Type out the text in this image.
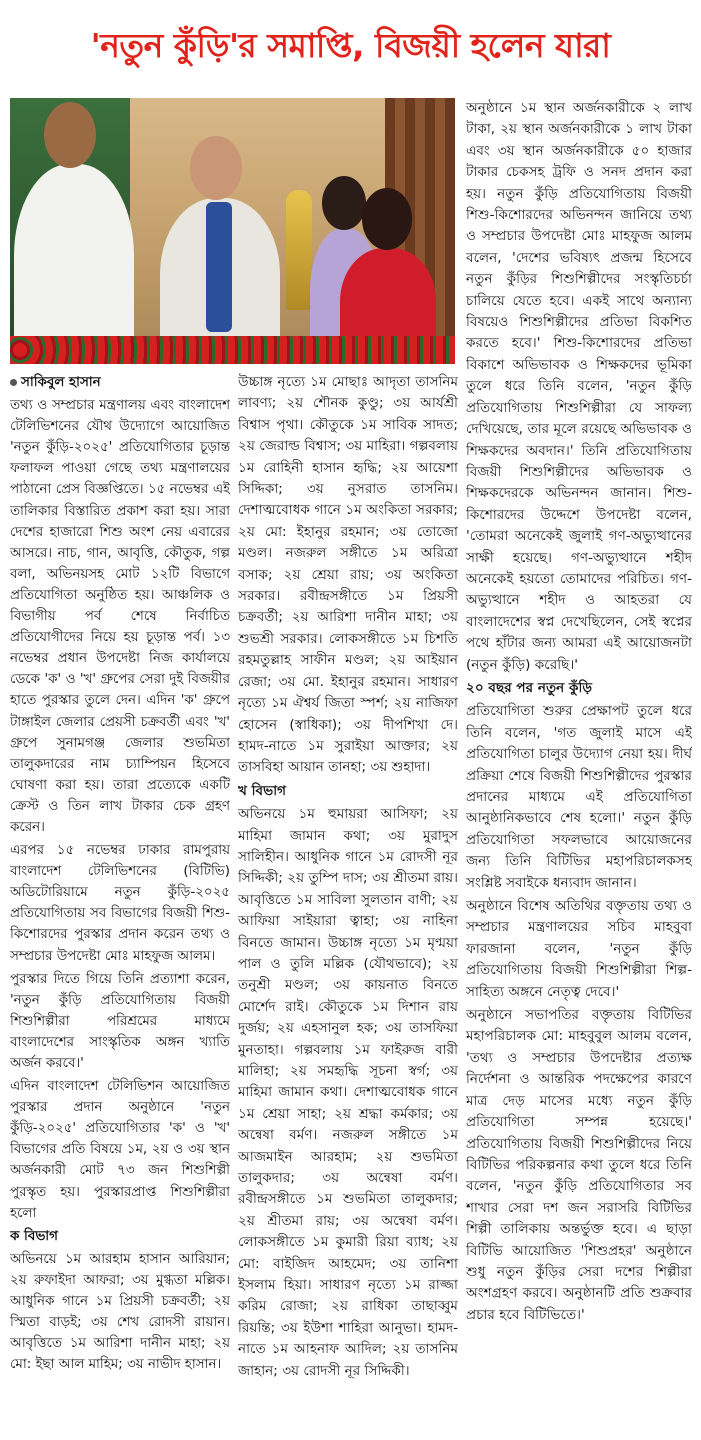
'নতুন কুঁড়ি'র সমাপ্তি, বিজয়ী হলেন যারা

সাকিবুল হাসান

তথ্য ও সম্প্রচার মন্ত্রণালয় এবং বাংলাদেশ টেলিভিশনের যৌথ উদ্যোগে আয়োজিত 'নতুন কুঁড়ি-২০২৫' প্রতিযোগিতার চূড়ান্ত ফলাফল পাওয়া গেছে তথ্য মন্ত্রণালয়ের পাঠানো প্রেস বিজ্ঞপ্তিতে। ১৫ নভেম্বর এই তালিকার বিস্তারিত প্রকাশ করা হয়। সারা দেশের হাজারো শিশু অংশ নেয় এবারের আসরে। নাচ, গান, আবৃত্তি, কৌতুক, গল্প বলা, অভিনয়সহ মোট ১২টি বিভাগে প্রতিযোগিতা অনুষ্ঠিত হয়। আঞ্চলিক ও বিভাগীয় পর্ব শেষে নির্বাচিত প্রতিযোগীদের নিয়ে হয় চূড়ান্ত পর্ব। ১৩ নভেম্বর প্রধান উপদেষ্টা নিজ কার্যালয়ে ডেকে 'ক' ও 'খ' গ্রুপের সেরা দুই বিজয়ীর হাতে পুরস্কার তুলে দেন। এদিন 'ক' গ্রুপে টাঙ্গাইল জেলার প্রেয়সী চক্রবর্তী এবং 'খ' গ্রুপে সুনামগঞ্জ জেলার শুভমিতা তালুকদারের নাম চ্যাম্পিয়ন হিসেবে ঘোষণা করা হয়। তারা প্রত্যেকে একটি ক্রেস্ট ও তিন লাখ টাকার চেক গ্রহণ করেন।

এরপর ১৫ নভেম্বর ঢাকার রামপুরায় বাংলাদেশ টেলিভিশনের (বিটিভি) অডিটোরিয়ামে নতুন কুঁড়ি-২০২৫ প্রতিযোগিতায় সব বিভাগের বিজয়ী শিশু-কিশোরদের পুরস্কার প্রদান করেন তথ্য ও সম্প্রচার উপদেষ্টা মোঃ মাহফুজ আলম।

পুরস্কার দিতে গিয়ে তিনি প্রত্যাশা করেন, 'নতুন কুঁড়ি প্রতিযোগিতায় বিজয়ী শিশুশিল্পীরা পরিশ্রমের মাধ্যমে বাংলাদেশের সাংস্কৃতিক অঙ্গন খ্যাতি অর্জন করবে।'

এদিন বাংলাদেশ টেলিভিশন আয়োজিত পুরস্কার প্রদান অনুষ্ঠানে 'নতুন কুঁড়ি-২০২৫' প্রতিযোগিতার 'ক' ও 'খ' বিভাগের প্রতি বিষয়ে ১ম, ২য় ও ৩য় স্থান অর্জনকারী মোট ৭৩ জন শিশুশিল্পী পুরস্কৃত হয়। পুরস্কারপ্রাপ্ত শিশুশিল্পীরা হলো

ক বিভাগ

অভিনয়ে ১ম আরহাম হাসান আরিয়ান; ২য় রুফাইদা আফরা; ৩য় মুগ্ধতা মল্লিক। আধুনিক গানে ১ম প্রিয়সী চক্রবর্তী; ২য় স্মিতা বাড়ই; ৩য় শেখ রোদসী রায়ান। আবৃত্তিতে ১ম আরিশা দানীন মাহা; ২য় মো: ইছা আল মাহিম; ৩য় নাভীদ হাসান।

উচ্চাঙ্গ নৃত্যে ১ম মোছাঃ আদৃতা তাসনিম লাবণ্য; ২য় শৌনক কুণ্ডু; ৩য় আর্যশ্রী বিশ্বাস পৃথা। কৌতুকে ১ম সাবিক সাদত; ২য় জেরাল্ড বিশ্বাস; ৩য় মাহিরা। গল্পবলায় ১ম রোহিনী হাসান হৃদ্ধি; ২য় আয়েশা সিদ্দিকা; ৩য় নুসরাত তাসনিম। দেশাত্মবোধক গানে ১ম অংকিতা সরকার; ২য় মো: ইহানুর রহমান; ৩য় তোজো মণ্ডল। নজরুল সঙ্গীতে ১ম অরিত্রা বসাক; ২য় শ্রেয়া রায়; ৩য় অংকিতা সরকার। রবীন্দ্রসঙ্গীতে ১ম প্রিয়সী চক্রবর্তী; ২য় আরিশা দানীন মাহা; ৩য় শুভশ্রী সরকার। লোকসঙ্গীতে ১ম চিশতি রহমতুল্লাহ সাফীন মণ্ডল; ২য় আইয়ান রেজা; ৩য় মো. ইহানুর রহমান। সাধারণ নৃত্যে ১ম ঐশ্বর্য জিতা স্পর্শ; ২য় নাজিফা হোসেন (স্বাধিকা); ৩য় দীপশিখা দে। হামদ-নাতে ১ম সুরাইয়া আক্তার; ২য় তাসবিহা আয়ান তানহা; ৩য় শুহাদা।

খ বিভাগ

অভিনয়ে ১ম হুমায়রা আসিফা; ২য় মাহিমা জামান কথা; ৩য় মুরাদুস সালিহীন। আধুনিক গানে ১ম রোদসী নূর সিদ্দিকী; ২য় তুম্পি দাস; ৩য় শ্রীতমা রায়। আবৃত্তিতে ১ম সাবিলা সুলতান বাণী; ২য় আফিয়া সাইয়ারা ত্বাহা; ৩য় নাহিনা বিনতে জামান। উচ্চাঙ্গ নৃত্যে ১ম মৃণ্ময়া পাল ও তুলি মল্লিক (যৌথভাবে); ২য় তনুশ্রী মণ্ডল; ৩য় কায়নাত বিনতে মোর্শেদ রাই। কৌতুকে ১ম দিশান রায় দুর্জয়; ২য় এহসানুল হক; ৩য় তাসফিয়া মুনতাহা। গল্পবলায় ১ম ফাইরুজ বারী মালিহা; ২য় সমহৃদ্ধি সূচনা স্বর্গ; ৩য় মাহিমা জামান কথা। দেশাত্মবোধক গানে ১ম শ্রেয়া সাহা; ২য় শ্রদ্ধা কর্মকার; ৩য় অন্বেষা বর্মণ। নজরুল সঙ্গীতে ১ম আজমাইন আরহাম; ২য় শুভমিতা তালুকদার; ৩য় অন্বেষা বর্মণ। রবীন্দ্রসঙ্গীতে ১ম শুভমিতা তালুকদার; ২য় শ্রীতমা রায়; ৩য় অন্বেষা বর্মণ। লোকসঙ্গীতে ১ম কুমারী রিয়া ব্যাধ; ২য় মো: বাইজিদ আহমেদ; ৩য় তানিশা ইসলাম হিয়া। সাধারণ নৃত্যে ১ম রাজ্জা করিম রোজা; ২য় রাধিকা তাছাব্বুম রিয়ন্তি; ৩য় ইউশা শাহিরা আনুভা। হামদ-নাতে ১ম আহনাফ আদিল; ২য় তাসনিম জাহান; ৩য় রোদসী নূর সিদ্দিকী।

অনুষ্ঠানে ১ম স্থান অর্জনকারীকে ২ লাখ টাকা, ২য় স্থান অর্জনকারীকে ১ লাখ টাকা এবং ৩য় স্থান অর্জনকারীকে ৫০ হাজার টাকার চেকসহ ট্রফি ও সনদ প্রদান করা হয়। নতুন কুঁড়ি প্রতিযোগিতায় বিজয়ী শিশু-কিশোরদের অভিনন্দন জানিয়ে তথ্য ও সম্প্রচার উপদেষ্টা মোঃ মাহফুজ আলম বলেন, 'দেশের ভবিষ্যৎ প্রজন্ম হিসেবে নতুন কুঁড়ির শিশুশিল্পীদের সংস্কৃতিচর্চা চালিয়ে যেতে হবে। একই সাথে অন্যান্য বিষয়েও শিশুশিল্পীদের প্রতিভা বিকশিত করতে হবে।' শিশু-কিশোরদের প্রতিভা বিকাশে অভিভাবক ও শিক্ষকদের ভূমিকা তুলে ধরে তিনি বলেন, 'নতুন কুঁড়ি প্রতিযোগিতায় শিশুশিল্পীরা যে সাফল্য দেখিয়েছে, তার মূলে রয়েছে অভিভাবক ও শিক্ষকদের অবদান।' তিনি প্রতিযোগিতায় বিজয়ী শিশুশিল্পীদের অভিভাবক ও শিক্ষকদেরকে অভিনন্দন জানান। শিশু-কিশোরদের উদ্দেশে উপদেষ্টা বলেন, 'তোমরা অনেকেই জুলাই গণ-অভ্যুত্থানের সাক্ষী হয়েছে। গণ-অভ্যুত্থানে শহীদ অনেকেই হয়তো তোমাদের পরিচিত। গণ-অভ্যুত্থানে শহীদ ও আহতরা যে বাংলাদেশের স্বপ্ন দেখেছিলেন, সেই স্বপ্নের পথে হাঁটার জন্য আমরা এই আয়োজনটা (নতুন কুঁড়ি) করেছি।'

২০ বছর পর নতুন কুঁড়ি

প্রতিযোগিতা শুরুর প্রেক্ষাপট তুলে ধরে তিনি বলেন, 'গত জুলাই মাসে এই প্রতিযোগিতা চালুর উদ্যোগ নেয়া হয়। দীর্ঘ প্রক্রিয়া শেষে বিজয়ী শিশুশিল্পীদের পুরস্কার প্রদানের মাধ্যমে এই প্রতিযোগিতা আনুষ্ঠানিকভাবে শেষ হলো।' নতুন কুঁড়ি প্রতিযোগিতা সফলভাবে আয়োজনের জন্য তিনি বিটিভির মহাপরিচালকসহ সংশ্লিষ্ট সবাইকে ধন্যবাদ জানান।

অনুষ্ঠানে বিশেষ অতিথির বক্তৃতায় তথ্য ও সম্প্রচার মন্ত্রণালয়ের সচিব মাহবুবা ফারজানা বলেন, 'নতুন কুঁড়ি প্রতিযোগিতায় বিজয়ী শিশুশিল্পীরা শিল্প-সাহিত্য অঙ্গনে নেতৃত্ব দেবে।'

অনুষ্ঠানে সভাপতির বক্তৃতায় বিটিভির মহাপরিচালক মো: মাহবুবুল আলম বলেন, 'তথ্য ও সম্প্রচার উপদেষ্টার প্রত্যক্ষ নির্দেশনা ও আন্তরিক পদক্ষেপের কারণে মাত্র দেড় মাসের মধ্যে নতুন কুঁড়ি প্রতিযোগিতা সম্পন্ন হয়েছে।' প্রতিযোগিতায় বিজয়ী শিশুশিল্পীদের নিয়ে বিটিভির পরিকল্পনার কথা তুলে ধরে তিনি বলেন, 'নতুন কুঁড়ি প্রতিযোগিতার সব শাখার সেরা দশ জন সরাসরি বিটিভির শিল্পী তালিকায় অন্তর্ভুক্ত হবে। এ ছাড়া বিটিভি আয়োজিত 'শিশুপ্রহর' অনুষ্ঠানে শুধু নতুন কুঁড়ির সেরা দশের শিল্পীরা অংশগ্রহণ করবে। অনুষ্ঠানটি প্রতি শুক্রবার প্রচার হবে বিটিভিতে।'
